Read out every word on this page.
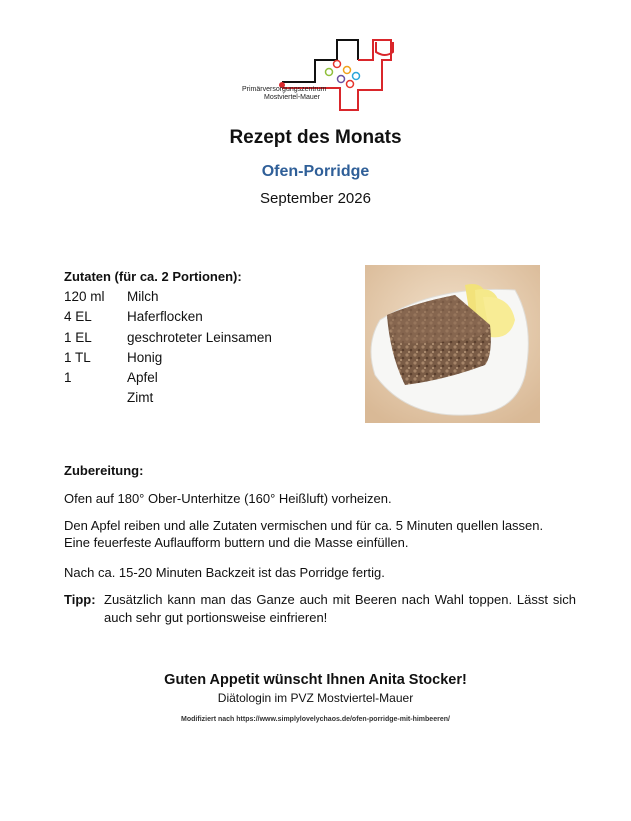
Primärversorgungszentrum
Mostviertel-Mauer
Rezept des Monats
Ofen-Porridge
September 2026
Zutaten (für ca. 2 Portionen):
120 ml	Milch
4 EL	Haferflocken
1 EL	geschroteter Leinsamen
1 TL	Honig
1	Apfel
Zimt
Zubereitung:
Ofen auf 180° Ober-Unterhitze (160° Heißluft) vorheizen.
Den Apfel reiben und alle Zutaten vermischen und für ca. 5 Minuten quellen lassen.
Eine feuerfeste Auflaufform buttern und die Masse einfüllen.
Nach ca. 15-20 Minuten Backzeit ist das Porridge fertig.
Tipp: Zusätzlich kann man das Ganze auch mit Beeren nach Wahl toppen. Lässt sich auch sehr gut portionsweise einfrieren!
Guten Appetit wünscht Ihnen Anita Stocker!
Diätologin im PVZ Mostviertel-Mauer
Modifiziert nach https://www.simplylovelychaos.de/ofen-porridge-mit-himbeeren/
